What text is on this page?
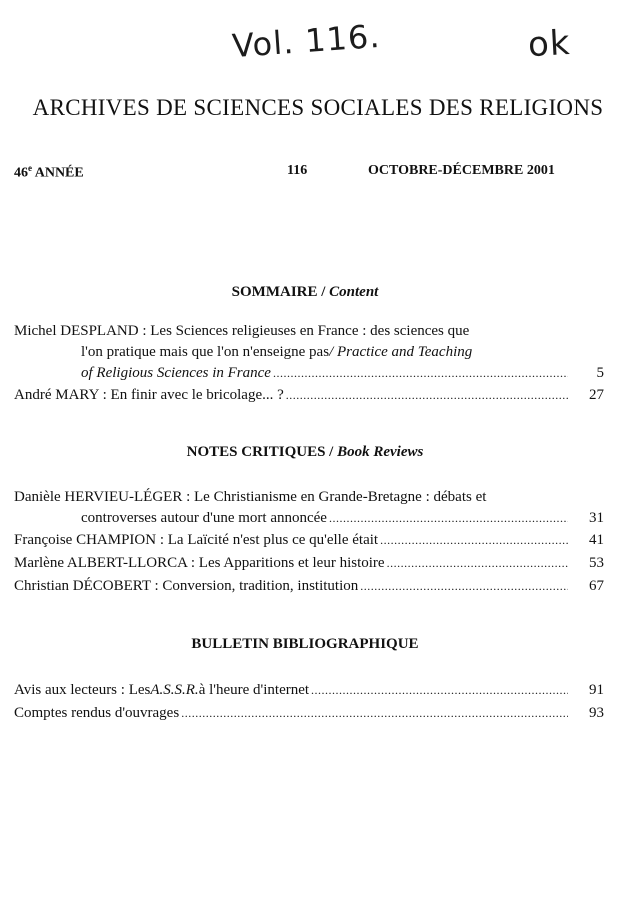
Vol. 116.	ok
ARCHIVES DE SCIENCES SOCIALES DES RELIGIONS
46e ANNÉE	116	OCTOBRE-DÉCEMBRE 2001
SOMMAIRE / Content
Michel DESPLAND : Les Sciences religieuses en France : des sciences que
l'on pratique mais que l'on n'enseigne pas / Practice and Teaching
of Religious Sciences in France .....	5
André MARY : En finir avec le bricolage... ? .....	27
NOTES CRITIQUES / Book Reviews
Danièle HERVIEU-LÉGER : Le Christianisme en Grande-Bretagne : débats et
controverses autour d'une mort annoncée .....	31
Françoise CHAMPION : La Laïcité n'est plus ce qu'elle était .....	41
Marlène ALBERT-LLORCA : Les Apparitions et leur histoire .....	53
Christian DÉCOBERT : Conversion, tradition, institution .....	67
BULLETIN BIBLIOGRAPHIQUE
Avis aux lecteurs : Les A.S.S.R. à l'heure d'internet .....	91
Comptes rendus d'ouvrages .....	93
